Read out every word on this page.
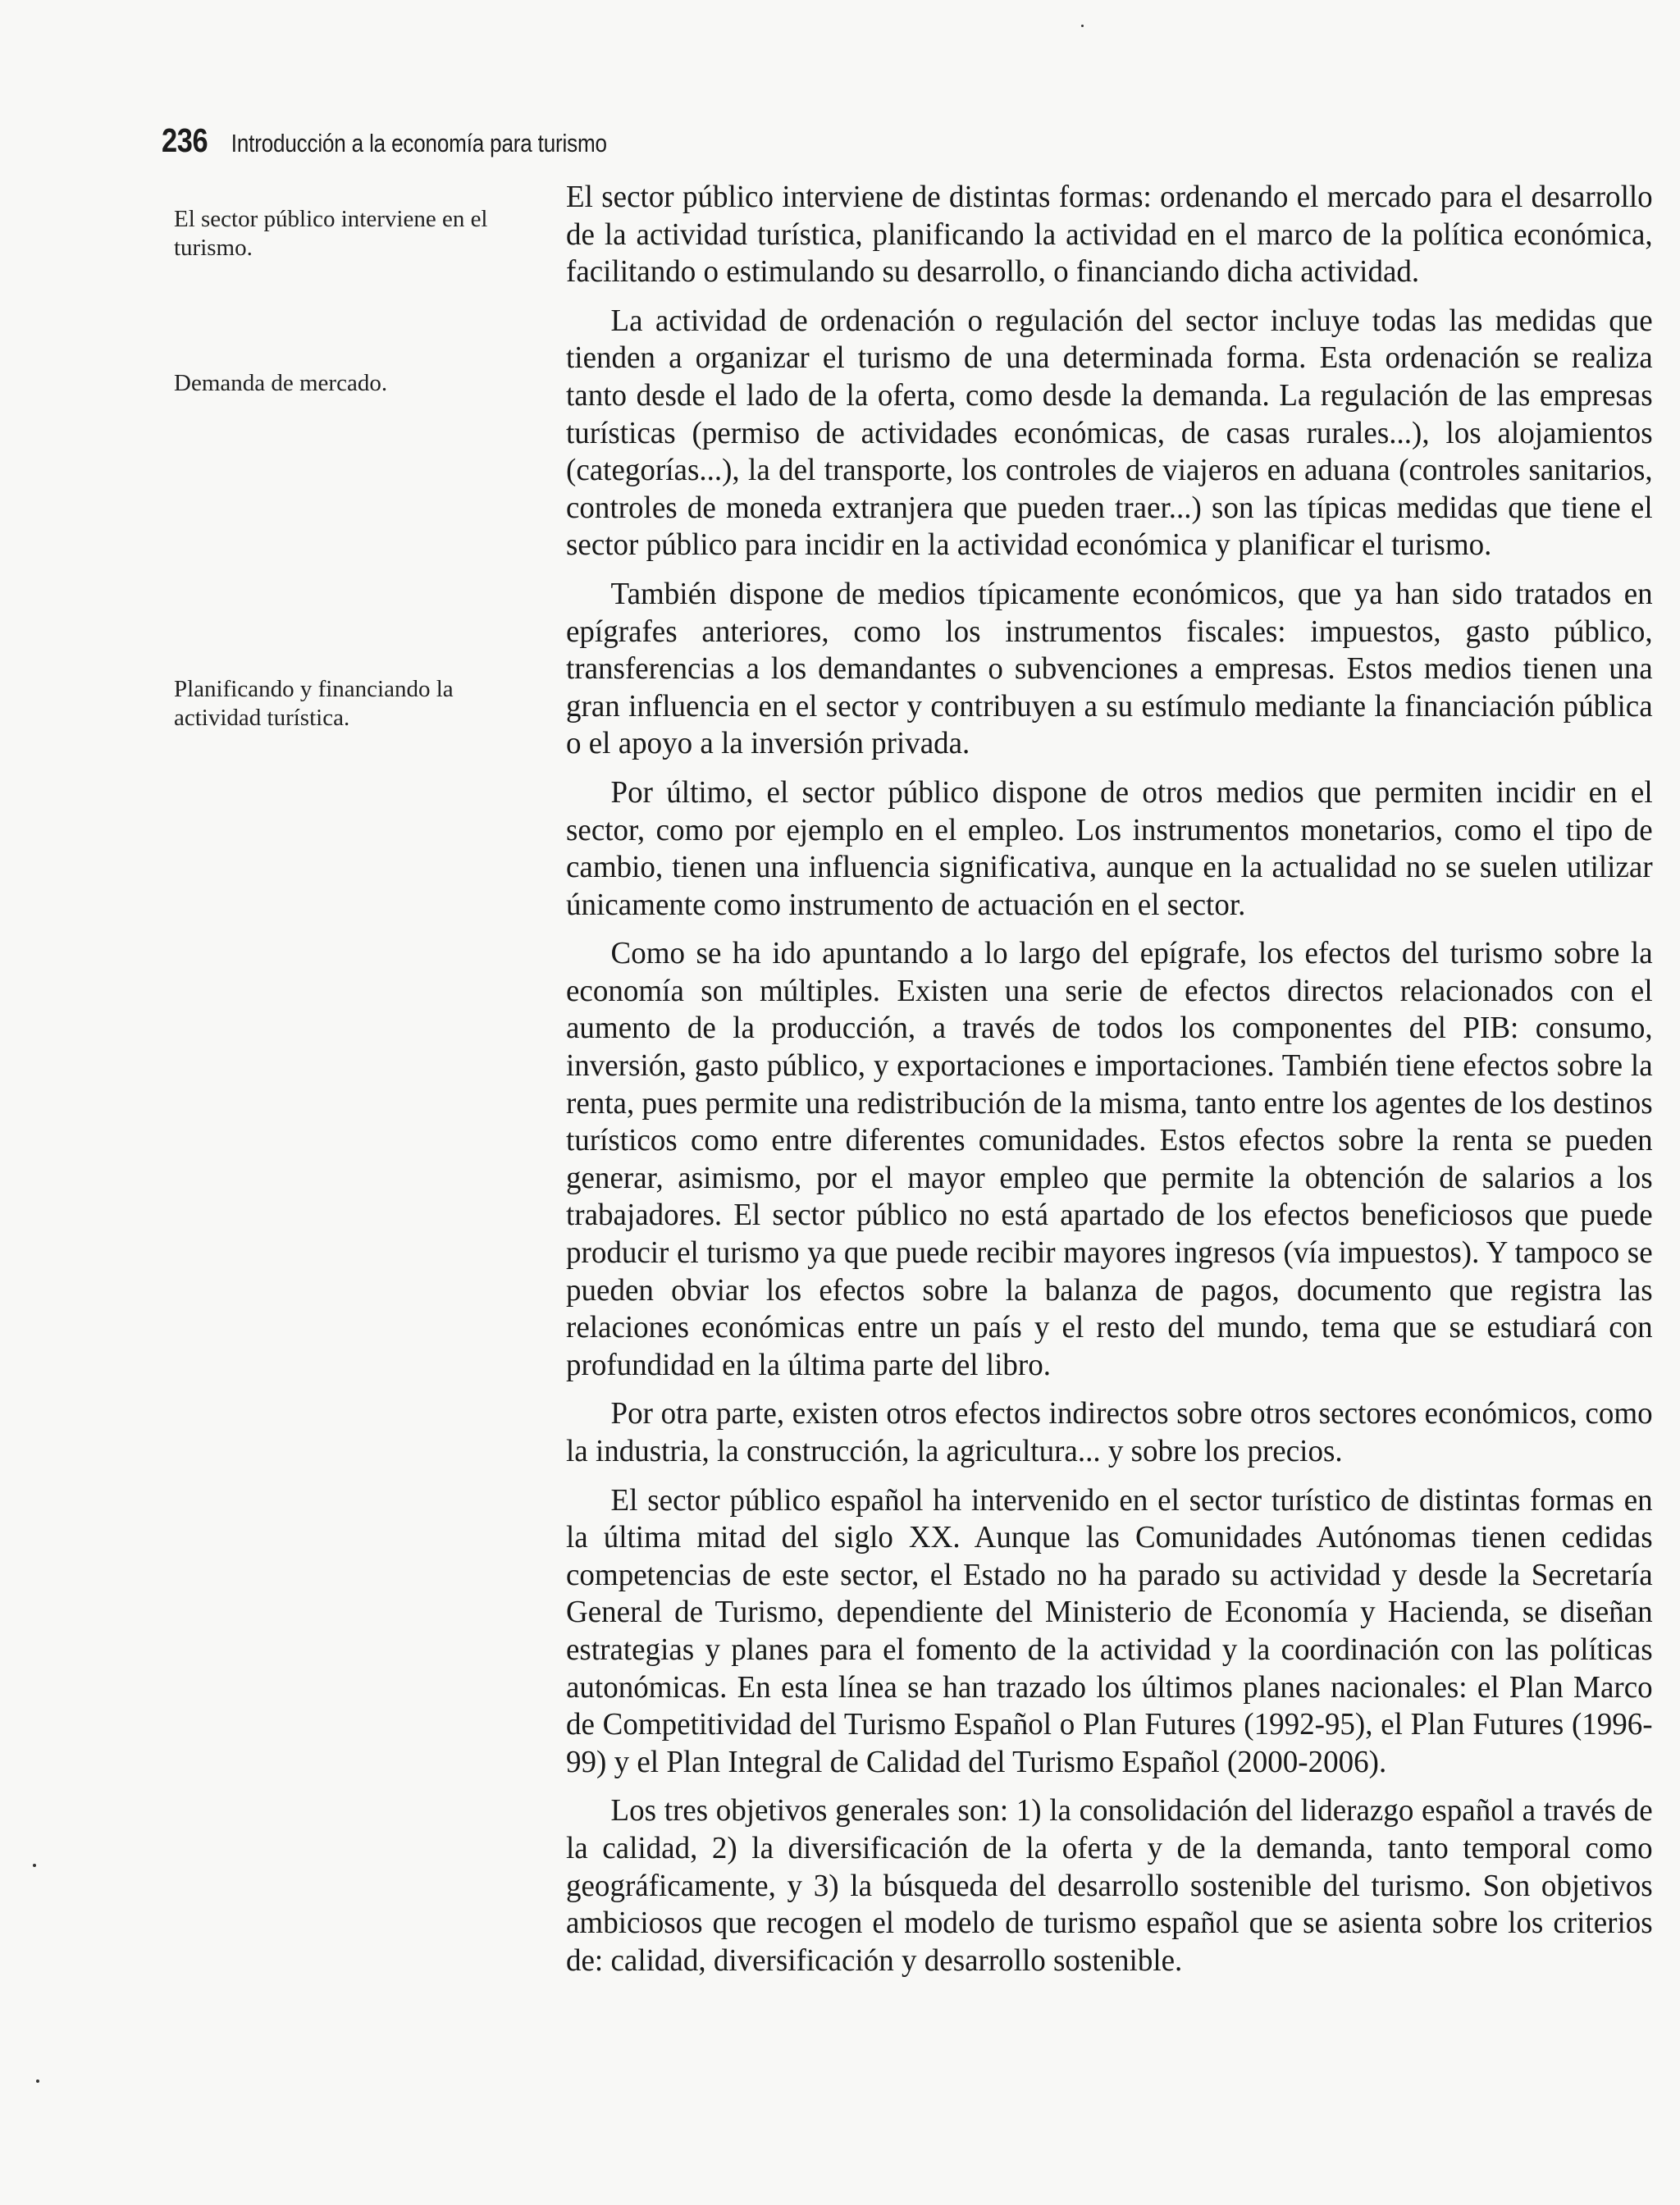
236 Introducción a la economía para turismo
El sector público interviene en el turismo.
Demanda de mercado.
Planificando y financiando la actividad turística.

El sector público interviene de distintas formas: ordenando el mercado para el desarrollo de la actividad turística, planificando la actividad en el marco de la política económica, facilitando o estimulando su desarrollo, o financiando dicha actividad.

La actividad de ordenación o regulación del sector incluye todas las medidas que tienden a organizar el turismo de una determinada forma. Esta ordenación se realiza tanto desde el lado de la oferta, como desde la demanda. La regulación de las empresas turísticas (permiso de actividades económicas, de casas rurales...), los alojamientos (categorías...), la del transporte, los controles de viajeros en aduana (controles sanitarios, controles de moneda extranjera que pueden traer...) son las típicas medidas que tiene el sector público para incidir en la actividad económica y planificar el turismo.

También dispone de medios típicamente económicos, que ya han sido tratados en epígrafes anteriores, como los instrumentos fiscales: impuestos, gasto público, transferencias a los demandantes o subvenciones a empresas. Estos medios tienen una gran influencia en el sector y contribuyen a su estímulo mediante la financiación pública o el apoyo a la inversión privada.

Por último, el sector público dispone de otros medios que permiten incidir en el sector, como por ejemplo en el empleo. Los instrumentos monetarios, como el tipo de cambio, tienen una influencia significativa, aunque en la actualidad no se suelen utilizar únicamente como instrumento de actuación en el sector.

Como se ha ido apuntando a lo largo del epígrafe, los efectos del turismo sobre la economía son múltiples. Existen una serie de efectos directos relacionados con el aumento de la producción, a través de todos los componentes del PIB: consumo, inversión, gasto público, y exportaciones e importaciones. También tiene efectos sobre la renta, pues permite una redistribución de la misma, tanto entre los agentes de los destinos turísticos como entre diferentes comunidades. Estos efectos sobre la renta se pueden generar, asimismo, por el mayor empleo que permite la obtención de salarios a los trabajadores. El sector público no está apartado de los efectos beneficiosos que puede producir el turismo ya que puede recibir mayores ingresos (vía impuestos). Y tampoco se pueden obviar los efectos sobre la balanza de pagos, documento que registra las relaciones económicas entre un país y el resto del mundo, tema que se estudiará con profundidad en la última parte del libro.

Por otra parte, existen otros efectos indirectos sobre otros sectores económicos, como la industria, la construcción, la agricultura... y sobre los precios.

El sector público español ha intervenido en el sector turístico de distintas formas en la última mitad del siglo XX. Aunque las Comunidades Autónomas tienen cedidas competencias de este sector, el Estado no ha parado su actividad y desde la Secretaría General de Turismo, dependiente del Ministerio de Economía y Hacienda, se diseñan estrategias y planes para el fomento de la actividad y la coordinación con las políticas autonómicas. En esta línea se han trazado los últimos planes nacionales: el Plan Marco de Competitividad del Turismo Español o Plan Futures (1992-95), el Plan Futures (1996-99) y el Plan Integral de Calidad del Turismo Español (2000-2006).

Los tres objetivos generales son: 1) la consolidación del liderazgo español a través de la calidad, 2) la diversificación de la oferta y de la demanda, tanto temporal como geográficamente, y 3) la búsqueda del desarrollo sostenible del turismo. Son objetivos ambiciosos que recogen el modelo de turismo español que se asienta sobre los criterios de: calidad, diversificación y desarrollo sostenible.
